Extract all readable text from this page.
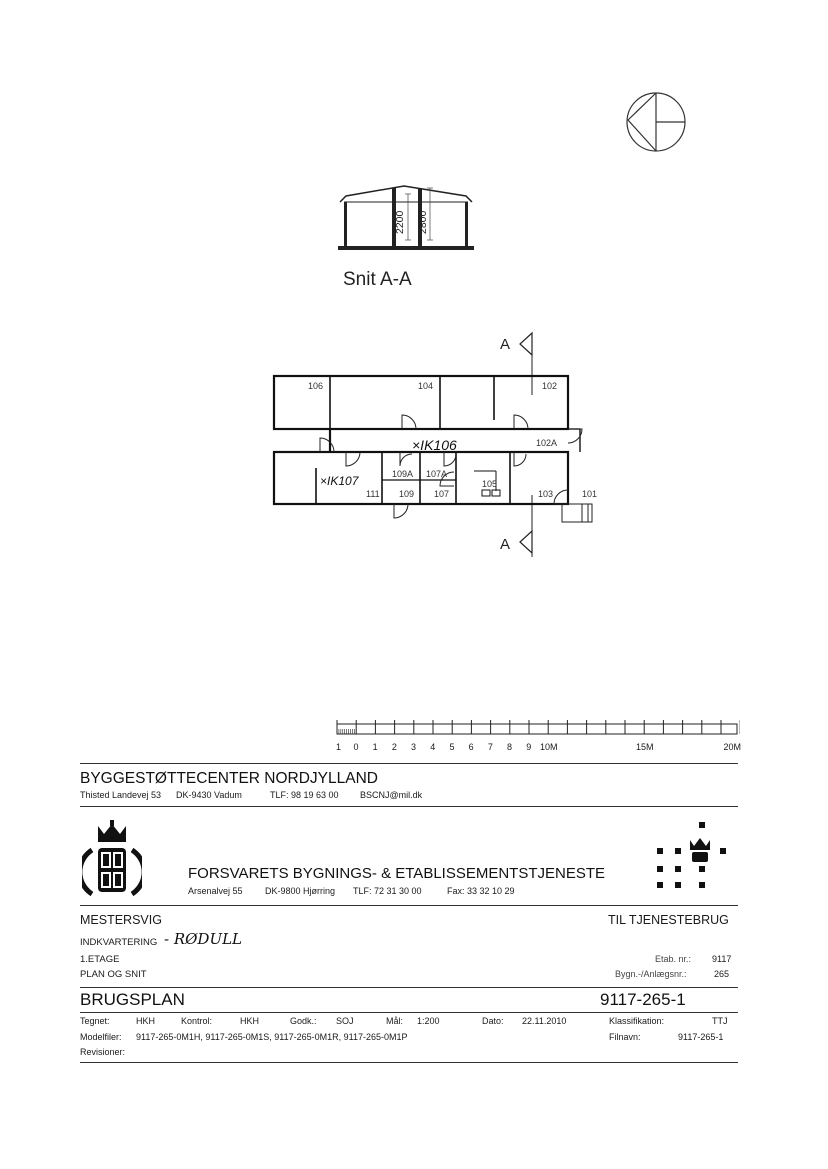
2200 2800
Snit A-A
A
A
106	104	102
102A
109A 107A
111 109 107
105
103	101
×IK106
×IK107
1 0 1 2 3 4 5 6 7 8 9 10M	15M	20M
BYGGESTØTTECENTER NORDJYLLAND
Thisted Landevej 53 DK-9430 Vadum	TLF: 98 19 63 00 BSCNJ@mil.dk
FORSVARETS BYGNINGS- & ETABLISSEMENTSTJENESTE
Arsenalvej 55 DK-9800 Hjørring TLF: 72 31 30 00	Fax: 33 32 10 29
MESTERSVIG	TIL TJENESTEBRUG
INDKVARTERING - RØDULL
1.ETAGE
PLAN OG SNIT
Etab. nr.: 9117
Bygn.-/Anlægsnr.:	265
BRUGSPLAN	9117-265-1
Tegnet:	HKH	Kontrol:	HKH	Godk.: SOJ	Mål: 1:200	Dato: 22.11.2010	Klassifikation:	TTJ
Modelfiler: 9117-265-0M1H, 9117-265-0M1S, 9117-265-0M1R, 9117-265-0M1P	Filnavn:	9117-265-1
Revisioner:
